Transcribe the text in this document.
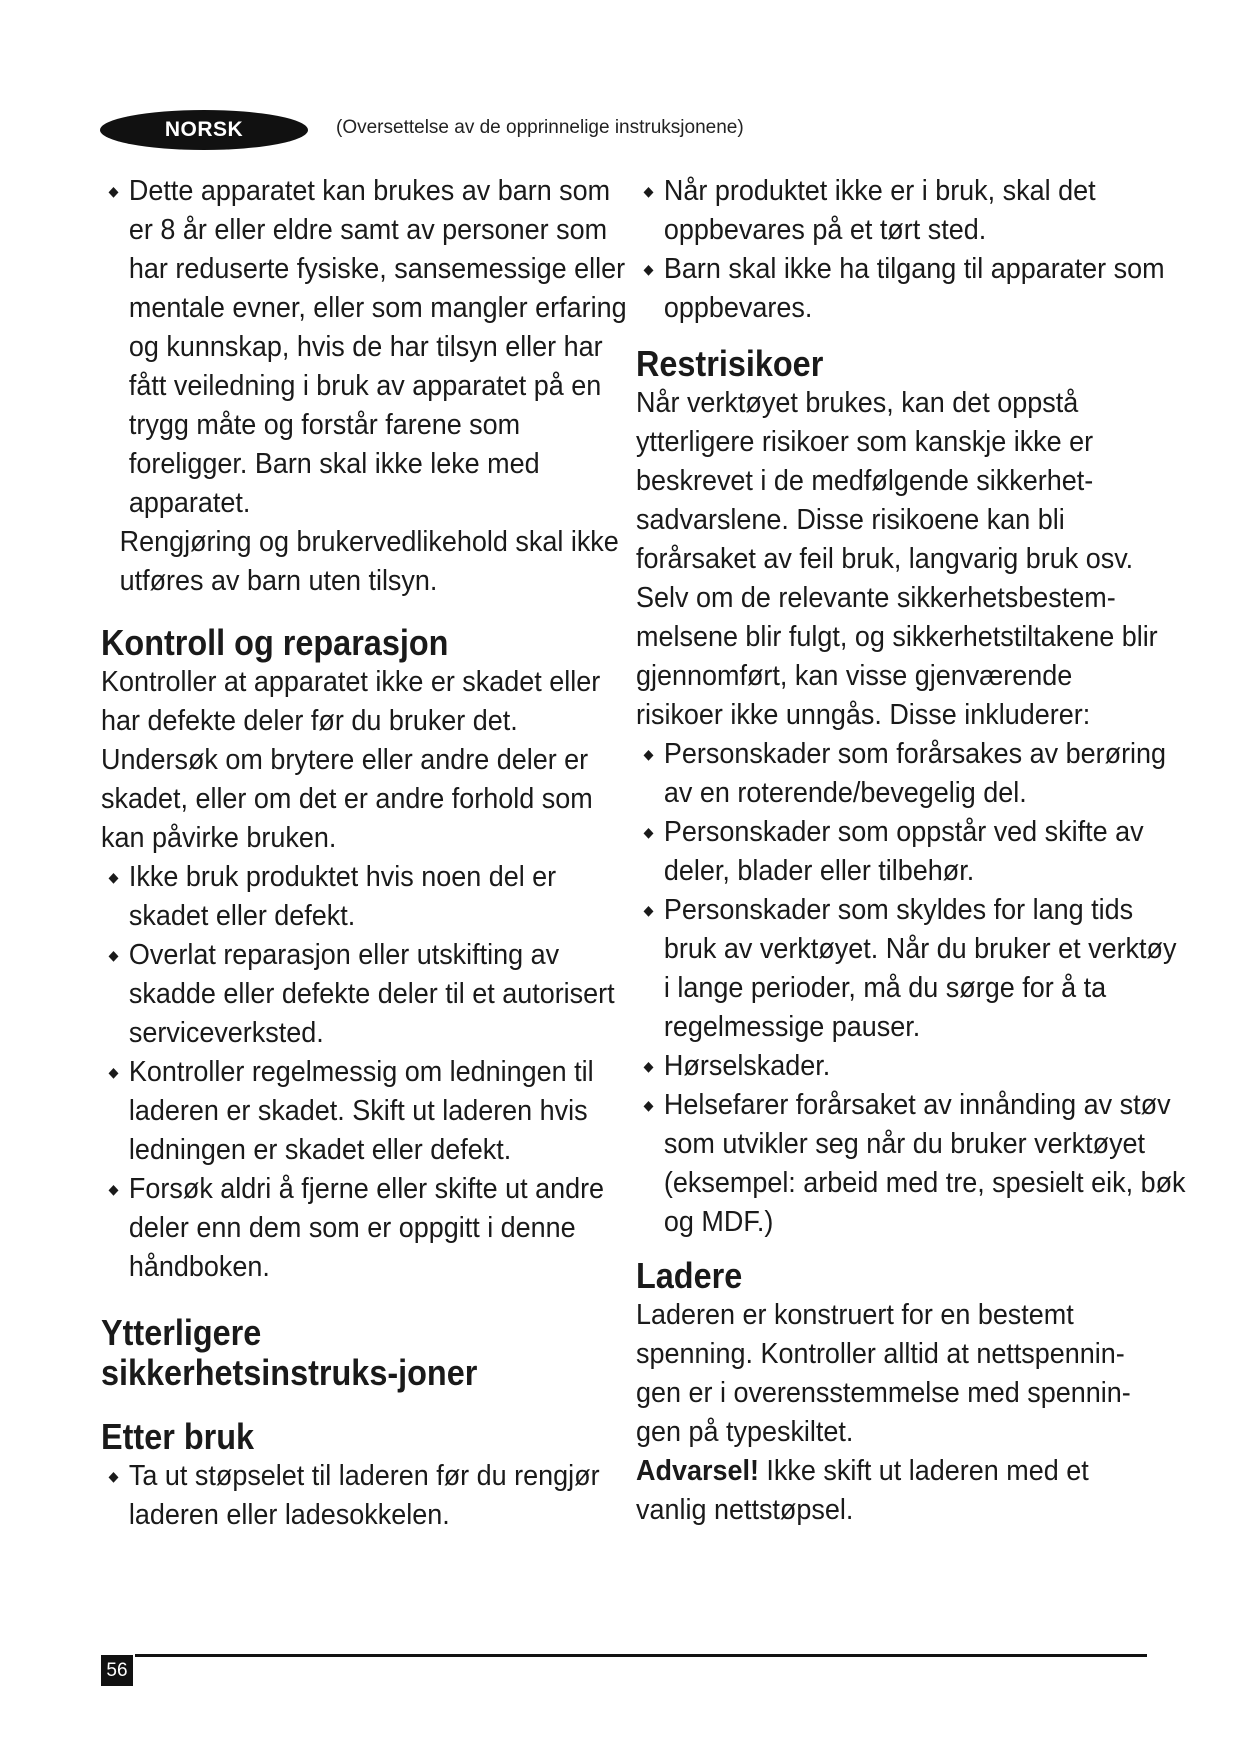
NORSK	(Oversettelse av de opprinnelige instruksjonene)

◆ Dette apparatet kan brukes av barn som er 8 år eller eldre samt av personer som har reduserte fysiske, sansemessige eller mentale evner, eller som mangler erfaring og kunnskap, hvis de har tilsyn eller har fått veiledning i bruk av apparatet på en trygg måte og forstår farene som foreligger. Barn skal ikke leke med apparatet.

Rengjøring og brukervedlikehold skal ikke utføres av barn uten tilsyn.

Kontroll og reparasjon

Kontroller at apparatet ikke er skadet eller har defekte deler før du bruker det. Undersøk om brytere eller andre deler er skadet, eller om det er andre forhold som kan påvirke bruken.

◆ Ikke bruk produktet hvis noen del er skadet eller defekt.

◆ Overlat reparasjon eller utskifting av skadde eller defekte deler til et autorisert serviceverksted.

◆ Kontroller regelmessig om ledningen til laderen er skadet. Skift ut laderen hvis ledningen er skadet eller defekt.

◆ Forsøk aldri å fjerne eller skifte ut andre deler enn dem som er oppgitt i denne håndboken.

Ytterligere sikkerhetsinstruks-joner
Etter bruk

◆ Ta ut støpselet til laderen før du rengjør laderen eller ladesokkelen.

◆ Når produktet ikke er i bruk, skal det oppbevares på et tørt sted.

◆ Barn skal ikke ha tilgang til apparater som oppbevares.

Restrisikoer

Når verktøyet brukes, kan det oppstå ytterligere risikoer som kanskje ikke er beskrevet i de medfølgende sikkerhet-sadvarslene. Disse risikoene kan bli forårsaket av feil bruk, langvarig bruk osv. Selv om de relevante sikkerhetsbestem-melsene blir fulgt, og sikkerhetstiltakene blir gjennomført, kan visse gjenværende risikoer ikke unngås. Disse inkluderer:

◆ Personskader som forårsakes av berøring av en roterende/bevegelig del.

◆ Personskader som oppstår ved skifte av deler, blader eller tilbehør.

◆ Personskader som skyldes for lang tids bruk av verktøyet. Når du bruker et verktøy i lange perioder, må du sørge for å ta regelmessige pauser.

◆ Hørselskader.

◆ Helsefarer forårsaket av innånding av støv som utvikler seg når du bruker verktøyet (eksempel: arbeid med tre, spesielt eik, bøk og MDF.)

Ladere

Laderen er konstruert for en bestemt spenning. Kontroller alltid at nettspennin-gen er i overensstemmelse med spennin-gen på typeskiltet.

Advarsel! Ikke skift ut laderen med et vanlig nettstøpsel.

56
